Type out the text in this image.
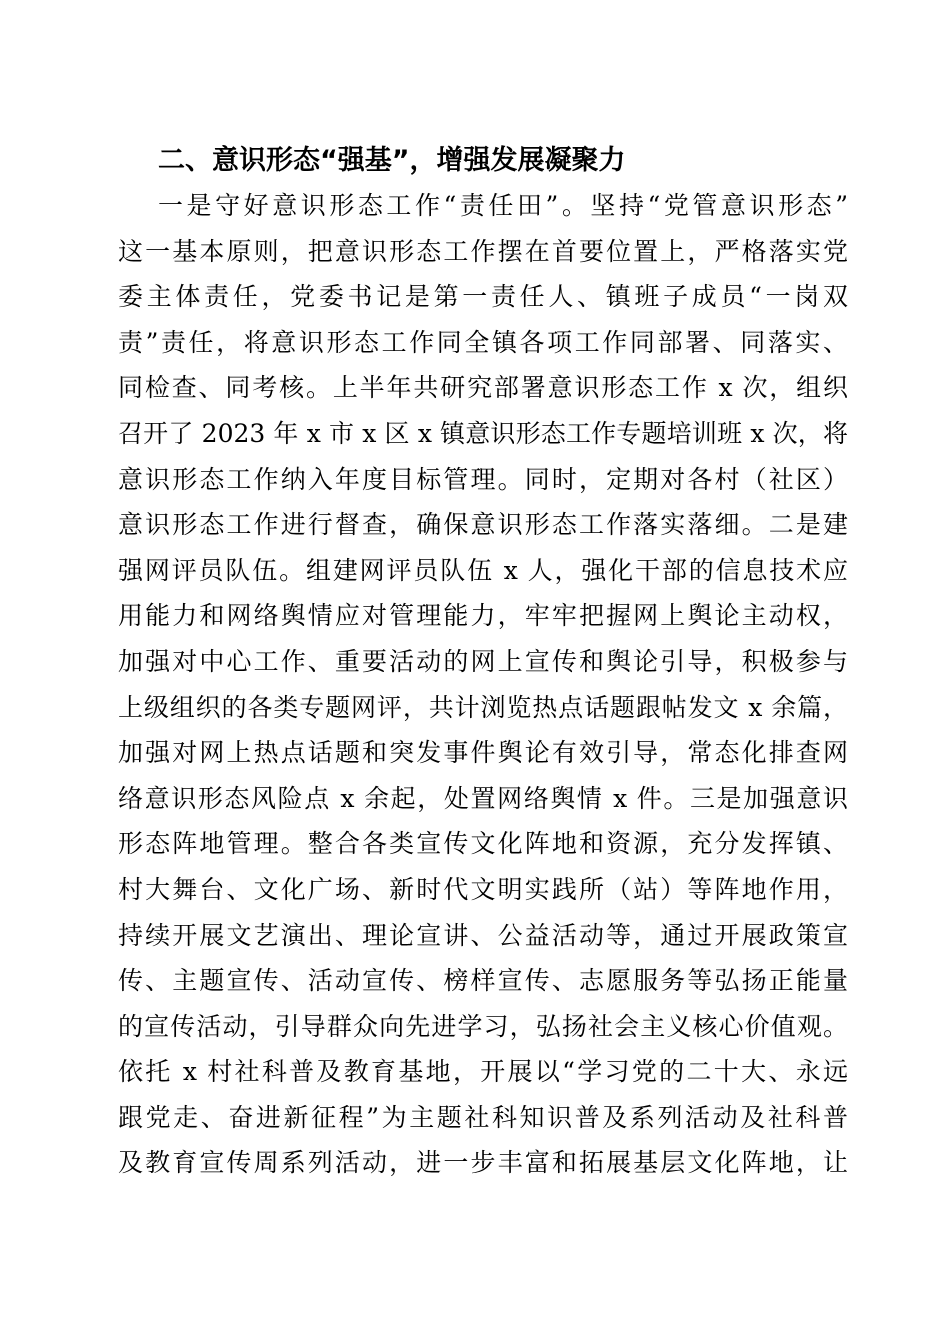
二、意识形态“强基”，增强发展凝聚力
一是守好意识形态工作“责任田”。坚持“党管意识形态”
这一基本原则，把意识形态工作摆在首要位置上，严格落实党
委主体责任，党委书记是第一责任人、镇班子成员“一岗双
责”责任，将意识形态工作同全镇各项工作同部署、同落实、
同检查、同考核。上半年共研究部署意识形态工作 x 次，组织
召开了 2023 年 x 市 x 区 x 镇意识形态工作专题培训班 x 次，将
意识形态工作纳入年度目标管理。同时，定期对各村（社区）
意识形态工作进行督查，确保意识形态工作落实落细。二是建
强网评员队伍。组建网评员队伍 x 人，强化干部的信息技术应
用能力和网络舆情应对管理能力，牢牢把握网上舆论主动权，
加强对中心工作、重要活动的网上宣传和舆论引导，积极参与
上级组织的各类专题网评，共计浏览热点话题跟帖发文 x 余篇，
加强对网上热点话题和突发事件舆论有效引导，常态化排查网
络意识形态风险点 x 余起，处置网络舆情 x 件。三是加强意识
形态阵地管理。整合各类宣传文化阵地和资源，充分发挥镇、
村大舞台、文化广场、新时代文明实践所（站）等阵地作用，
持续开展文艺演出、理论宣讲、公益活动等，通过开展政策宣
传、主题宣传、活动宣传、榜样宣传、志愿服务等弘扬正能量
的宣传活动，引导群众向先进学习，弘扬社会主义核心价值观。
依托 x 村社科普及教育基地，开展以“学习党的二十大、永远
跟党走、奋进新征程”为主题社科知识普及系列活动及社科普
及教育宣传周系列活动，进一步丰富和拓展基层文化阵地，让
